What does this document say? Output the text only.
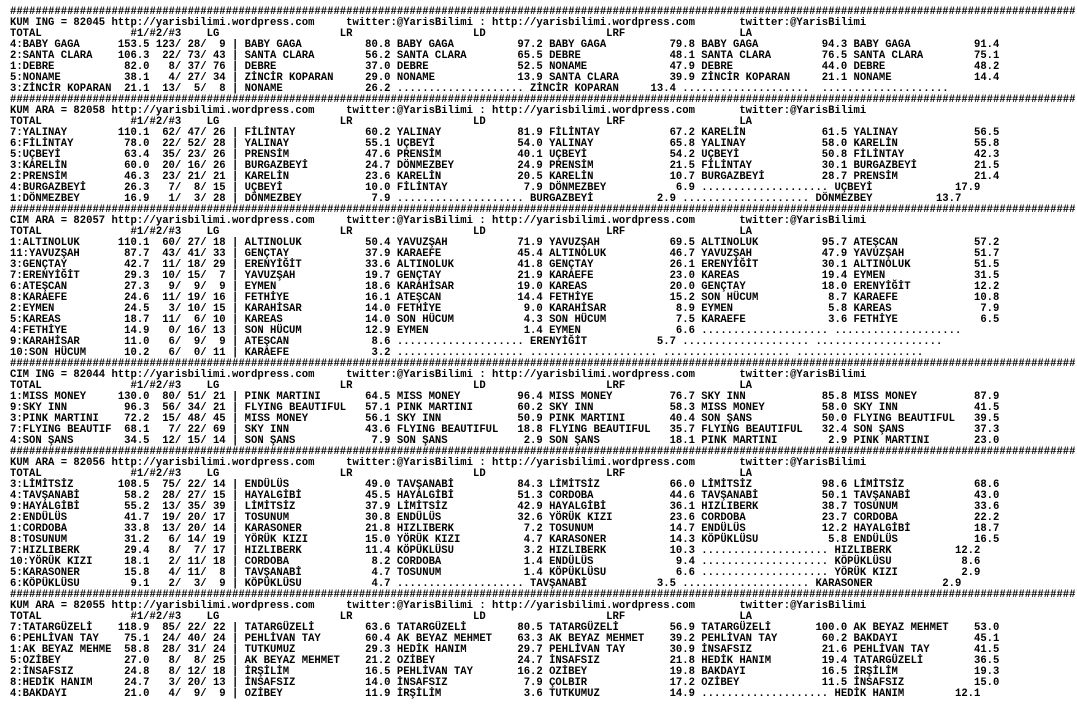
########################################################################################################################################################################
KUM ING = 82045 http://yarisbilimi.wordpress.com     twitter:@YarisBilimi : http://yarisbilimi.wordpress.com       twitter:@YarisBilimi
TOTAL              #1/#2/#3    LG                   LR                   LD                   LRF                  LA
4:BABY GAGA      153.5 123/ 28/  9 | BABY GAGA          80.8 BABY GAGA          97.2 BABY GAGA          79.8 BABY GAGA          94.3 BABY GAGA          91.4
2:SANTA CLARA    106.3  22/ 73/ 43 | SANTA CLARA        56.2 SANTA CLARA        65.5 DEBRE              48.1 SANTA CLARA        76.5 SANTA CLARA        75.1
1:DEBRE           82.0   8/ 37/ 76 | DEBRE              37.0 DEBRE              52.5 NONAME             47.9 DEBRE              44.0 DEBRE              48.2
5:NONAME          38.1   4/ 27/ 34 | ZİNCİR KOPARAN     29.0 NONAME             13.9 SANTA CLARA        39.9 ZİNCİR KOPARAN     21.1 NONAME             14.4
3:ZİNCİR KOPARAN  21.1  13/  5/  8 | NONAME             26.2 .................... ZİNCİR KOPARAN     13.4 ....................  ....................
########################################################################################################################################################################
KUM ARA = 82058 http://yarisbilimi.wordpress.com     twitter:@YarisBilimi : http://yarisbilimi.wordpress.com       twitter:@YarisBilimi
TOTAL              #1/#2/#3    LG                   LR                   LD                   LRF                  LA
7:YALINAY        110.1  62/ 47/ 26 | FİLİNTAY           60.2 YALINAY            81.9 FİLİNTAY           67.2 KARELİN            61.5 YALINAY            56.5
6:FİLİNTAY        78.0  22/ 52/ 28 | YALINAY            55.1 UÇBEYİ             54.0 YALINAY            65.8 YALINAY            58.0 KARELİN            55.8
5:UÇBEYİ          63.4  35/ 23/ 26 | PRENSİM            47.6 PRENSİM            40.1 UÇBEYİ             54.2 UÇBEYİ             50.8 FİLİNTAY           42.3
3:KARELİN         60.0  20/ 16/ 26 | BURGAZBEYİ         24.7 DÖNMEZBEY          24.9 PRENSİM            21.5 FİLİNTAY           30.1 BURGAZBEYİ         21.5
2:PRENSİM         46.3  23/ 21/ 21 | KARELİN            23.6 KARELİN            20.5 KARELİN            10.7 BURGAZBEYİ         28.7 PRENSİM            21.4
4:BURGAZBEYİ      26.3   7/  8/ 15 | UÇBEYİ             10.0 FİLİNTAY            7.9 DÖNMEZBEY           6.9 .................... UÇBEYİ             17.9
1:DÖNMEZBEY       16.9   1/  3/ 28 | DÖNMEZBEY           7.9 .................... BURGAZBEYİ          2.9 .................... DÖNMEZBEY          13.7
########################################################################################################################################################################
CIM ARA = 82057 http://yarisbilimi.wordpress.com     twitter:@YarisBilimi : http://yarisbilimi.wordpress.com       twitter:@YarisBilimi
TOTAL              #1/#2/#3    LG                   LR                   LD                   LRF                  LA
1:ALTINOLUK      110.1  60/ 27/ 18 | ALTINOLUK          50.4 YAVUZŞAH           71.9 YAVUZŞAH           69.5 ALTINOLUK          95.7 ATEŞCAN            57.2
11:YAVUZŞAH       87.7  43/ 41/ 33 | GENÇTAY            37.9 KARAEFE            45.4 ALTINOLUK          46.7 YAVUZŞAH           47.9 YAVUZŞAH           51.7
3:GENÇTAY         42.7  11/ 18/ 29 | ERENYİĞİT          33.6 ALTINOLUK          41.8 GENÇTAY            26.1 ERENYİĞİT          30.1 ALTINOLUK          51.5
7:ERENYİĞİT       29.3  10/ 15/  7 | YAVUZŞAH           19.7 GENÇTAY            21.9 KARAEFE            23.0 KAREAS             19.4 EYMEN              31.5
6:ATEŞCAN         27.3   9/  9/  9 | EYMEN              18.6 KARAHİSAR          19.0 KAREAS             20.0 GENÇTAY            18.0 ERENYİĞİT          12.2
8:KARAEFE         24.6  11/ 19/ 16 | FETHİYE            16.1 ATEŞCAN            14.4 FETHİYE            15.2 SON HÜCUM           8.7 KARAEFE            10.8
2:EYMEN           24.5   3/ 10/ 15 | KARAHİSAR          14.0 FETHİYE             9.0 KARAHİSAR           8.9 EYMEN               5.8 KAREAS              7.9
5:KAREAS          18.7  11/  6/ 10 | KAREAS             14.0 SON HÜCUM           4.3 SON HÜCUM           7.5 KARAEFE             3.6 FETHİYE             6.5
4:FETHİYE         14.9   0/ 16/ 13 | SON HÜCUM          12.9 EYMEN               1.4 EYMEN               6.6 .................... ....................
9:KARAHİSAR       11.0   6/  9/  9 | ATEŞCAN             8.6 .................... ERENYİĞİT           5.7 .................... ....................
10:SON HÜCUM      10.2   6/  0/ 11 | KARAEFE             3.2 .................... .................... .................... ....................
########################################################################################################################################################################
CIM ING = 82044 http://yarisbilimi.wordpress.com     twitter:@YarisBilimi : http://yarisbilimi.wordpress.com       twitter:@YarisBilimi
TOTAL              #1/#2/#3    LG                   LR                   LD                   LRF                  LA
1:MISS MONEY     130.0  80/ 51/ 21 | PINK MARTINI       64.5 MISS MONEY         96.4 MISS MONEY         76.7 SKY INN            85.8 MISS MONEY         87.9
9:SKY INN         96.3  56/ 34/ 21 | FLYING BEAUTIFUL   57.1 PINK MARTINI       60.2 SKY INN            58.3 MISS MONEY         58.0 SKY INN            41.5
3:PINK MARTINI    72.2  15/ 48/ 45 | MISS MONEY         56.1 SKY INN            50.9 PINK MARTINI       40.4 SON ŞANS           50.0 FLYING BEAUTIFUL   39.5
7:FLYING BEAUTIF  68.1   7/ 22/ 69 | SKY INN            43.6 FLYING BEAUTIFUL   18.8 FLYING BEAUTIFUL   35.7 FLYING BEAUTIFUL   32.4 SON ŞANS           37.3
4:SON ŞANS        34.5  12/ 15/ 14 | SON ŞANS            7.9 SON ŞANS            2.9 SON ŞANS           18.1 PINK MARTINI        2.9 PINK MARTINI       23.0
########################################################################################################################################################################
KUM ARA = 82056 http://yarisbilimi.wordpress.com     twitter:@YarisBilimi : http://yarisbilimi.wordpress.com       twitter:@YarisBilimi
TOTAL              #1/#2/#3    LG                   LR                   LD                   LRF                  LA
3:LİMİTSİZ       108.5  75/ 22/ 14 | ENDÜLÜS            49.0 TAVŞANABİ          84.3 LİMİTSİZ           66.0 LİMİTSİZ           98.6 LİMİTSİZ           68.6
4:TAVŞANABİ       58.2  28/ 27/ 15 | HAYALGİBİ          45.5 HAYALGİBİ          51.3 CORDOBA            44.6 TAVŞANABİ          50.1 TAVŞANABİ          43.0
9:HAYALGİBİ       55.2  13/ 35/ 39 | LİMİTSİZ           37.9 LİMİTSİZ           42.9 HAYALGİBİ          36.1 HIZLIBERK          38.7 TOSUNUM            33.6
2:ENDÜLÜS         41.7  19/ 20/ 17 | TOSUNUM            30.8 ENDÜLÜS            32.6 YÖRÜK KIZI         23.6 CORDOBA            23.7 CORDOBA            22.2
1:CORDOBA         33.8  13/ 20/ 14 | KARASONER          21.8 HIZLIBERK           7.2 TOSUNUM            14.7 ENDÜLÜS            12.2 HAYALGİBİ          18.7
8:TOSUNUM         31.2   6/ 14/ 19 | YÖRÜK KIZI         15.0 YÖRÜK KIZI          4.7 KARASONER          14.3 KÖPÜKLÜSU           5.8 ENDÜLÜS            16.5
7:HIZLIBERK       29.4   8/  7/ 17 | HIZLIBERK          11.4 KÖPÜKLÜSU           3.2 HIZLIBERK          10.3 .................... HIZLIBERK          12.2
10:YÖRÜK KIZI     18.1   2/ 11/ 18 | CORDOBA             8.2 CORDOBA             1.4 ENDÜLÜS             9.4 .................... KÖPÜKLÜSU           8.6
5:KARASONER       15.8   4/ 11/  8 | TAVŞANABİ           4.7 TOSUNUM             1.4 KÖPÜKLÜSU           6.6 .................... YÖRÜK KIZI          2.9
6:KÖPÜKLÜSU        9.1   2/  3/  9 | KÖPÜKLÜSU           4.7 .................... TAVŞANABİ           3.5 .................... KARASONER           2.9
########################################################################################################################################################################
KUM ARA = 82055 http://yarisbilimi.wordpress.com     twitter:@YarisBilimi : http://yarisbilimi.wordpress.com       twitter:@YarisBilimi
TOTAL              #1/#2/#3    LG                   LR                   LD                   LRF                  LA
7:TATARGÜZELİ    118.9  85/ 22/ 22 | TATARGÜZELİ        63.6 TATARGÜZELİ        80.5 TATARGÜZELİ        56.9 TATARGÜZELİ       100.0 AK BEYAZ MEHMET    53.0
6:PEHLİVAN TAY    75.1  24/ 40/ 24 | PEHLİVAN TAY       60.4 AK BEYAZ MEHMET    63.3 AK BEYAZ MEHMET    39.2 PEHLİVAN TAY       60.2 BAKDAYI            45.1
1:AK BEYAZ MEHME  58.8  28/ 31/ 24 | TUTKUMUZ           29.3 HEDİK HANIM        29.7 PEHLİVAN TAY       30.9 İNSAFSIZ           21.6 PEHLİVAN TAY       41.5
5:OZİBEY          27.0   8/  8/ 25 | AK BEYAZ MEHMET    21.2 OZİBEY             24.7 İNSAFSIZ           21.8 HEDİK HANIM        19.4 TATARGÜZELİ        36.5
2:İNSAFSIZ        24.8   8/ 12/ 18 | İRŞİLİM            16.5 PEHLİVAN TAY       16.2 OZİBEY             19.8 BAKDAYI            16.5 İRŞİLİM            19.3
8:HEDİK HANIM     24.7   3/ 20/ 13 | İNSAFSIZ           14.0 İNSAFSIZ            7.9 ÇOLBIR             17.2 OZİBEY             11.5 İNSAFSIZ           15.0
4:BAKDAYI         21.0   4/  9/  9 | OZİBEY             11.9 İRŞİLİM             3.6 TUTKUMUZ           14.9 .................... HEDİK HANIM        12.1
